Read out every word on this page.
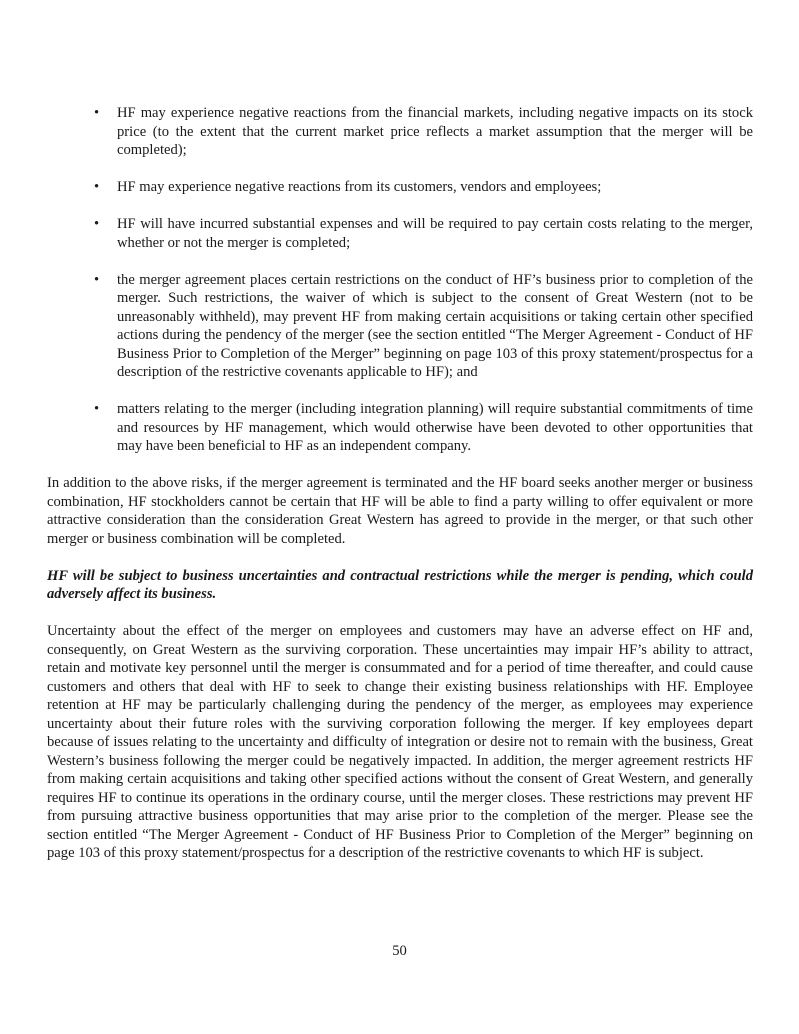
• HF may experience negative reactions from the financial markets, including negative impacts on its stock price (to the extent that the current market price reflects a market assumption that the merger will be completed);
• HF may experience negative reactions from its customers, vendors and employees;
• HF will have incurred substantial expenses and will be required to pay certain costs relating to the merger, whether or not the merger is completed;
• the merger agreement places certain restrictions on the conduct of HF’s business prior to completion of the merger. Such restrictions, the waiver of which is subject to the consent of Great Western (not to be unreasonably withheld), may prevent HF from making certain acquisitions or taking certain other specified actions during the pendency of the merger (see the section entitled “The Merger Agreement - Conduct of HF Business Prior to Completion of the Merger” beginning on page 103 of this proxy statement/prospectus for a description of the restrictive covenants applicable to HF); and
• matters relating to the merger (including integration planning) will require substantial commitments of time and resources by HF management, which would otherwise have been devoted to other opportunities that may have been beneficial to HF as an independent company.

In addition to the above risks, if the merger agreement is terminated and the HF board seeks another merger or business combination, HF stockholders cannot be certain that HF will be able to find a party willing to offer equivalent or more attractive consideration than the consideration Great Western has agreed to provide in the merger, or that such other merger or business combination will be completed.

HF will be subject to business uncertainties and contractual restrictions while the merger is pending, which could adversely affect its business.

Uncertainty about the effect of the merger on employees and customers may have an adverse effect on HF and, consequently, on Great Western as the surviving corporation. These uncertainties may impair HF’s ability to attract, retain and motivate key personnel until the merger is consummated and for a period of time thereafter, and could cause customers and others that deal with HF to seek to change their existing business relationships with HF. Employee retention at HF may be particularly challenging during the pendency of the merger, as employees may experience uncertainty about their future roles with the surviving corporation following the merger. If key employees depart because of issues relating to the uncertainty and difficulty of integration or desire not to remain with the business, Great Western’s business following the merger could be negatively impacted. In addition, the merger agreement restricts HF from making certain acquisitions and taking other specified actions without the consent of Great Western, and generally requires HF to continue its operations in the ordinary course, until the merger closes. These restrictions may prevent HF from pursuing attractive business opportunities that may arise prior to the completion of the merger. Please see the section entitled “The Merger Agreement - Conduct of HF Business Prior to Completion of the Merger” beginning on page 103 of this proxy statement/prospectus for a description of the restrictive covenants to which HF is subject.

50
